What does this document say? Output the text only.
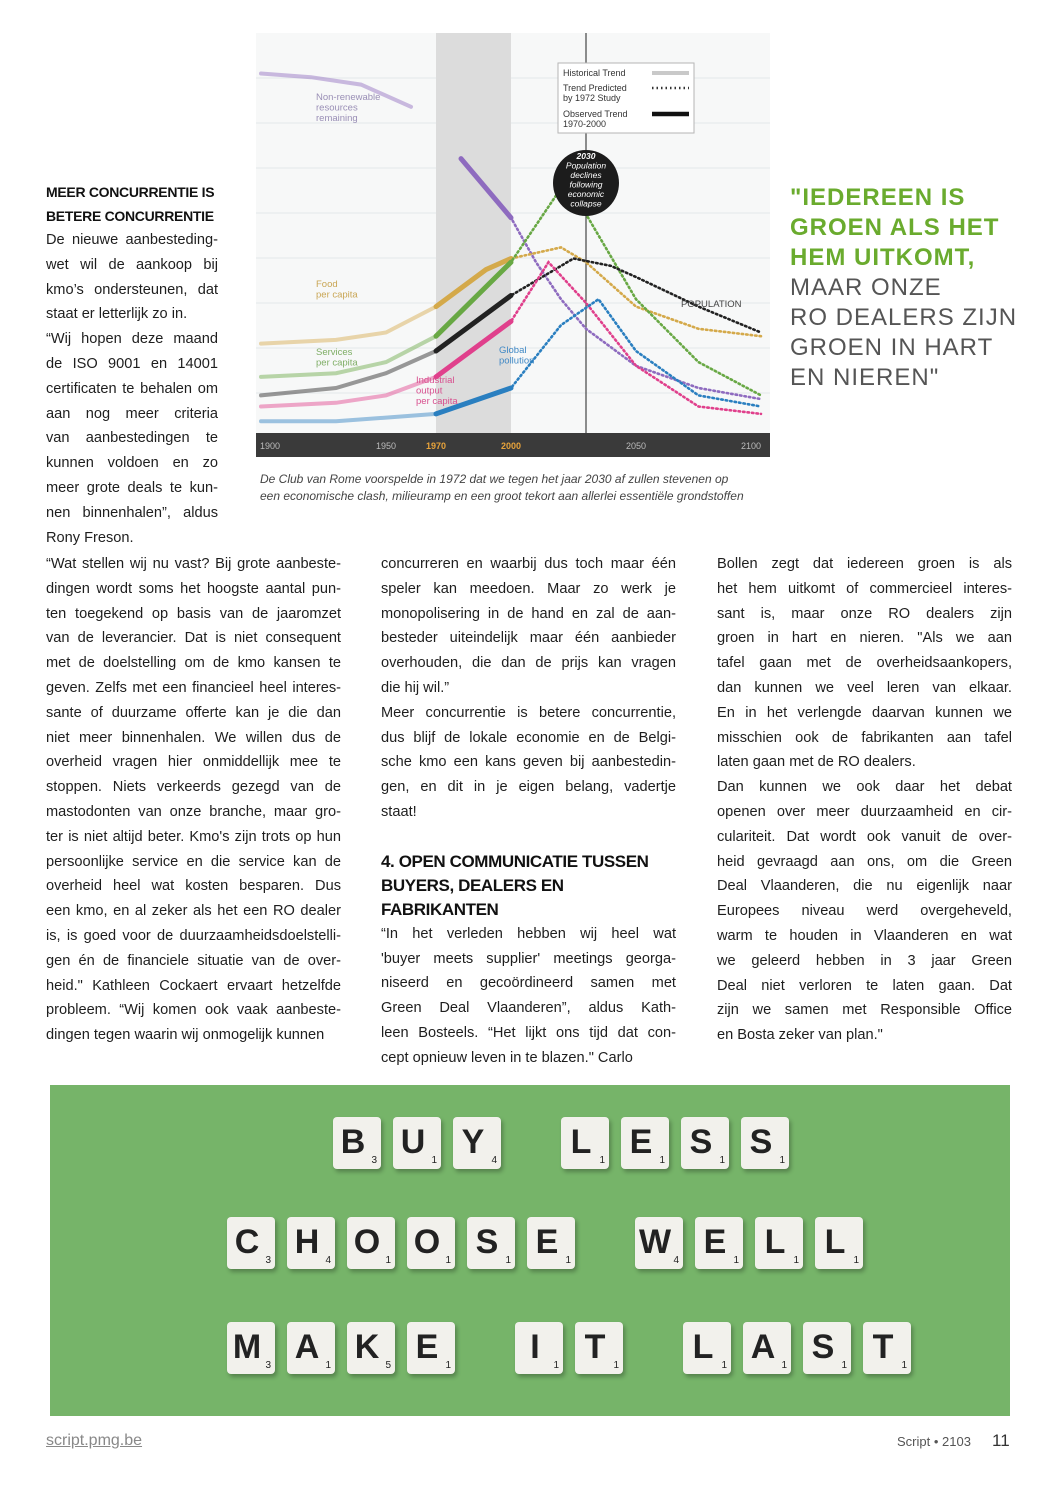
1900	1950	1970	2000	2050	2100
Non-renewable
resources
remaining
Food
per capita
Services
per capita
Industrial
output
per capita
Global
pollution
POPULATION
Historical Trend
Trend Predicted
by 1972 Study
Observed Trend
1970-2000
2030
Population
declines
following
economic
collapse
MEER CONCURRENTIE IS
BETERE CONCURRENTIE
De nieuwe aanbesteding-
wet wil de aankoop bij
kmo’s ondersteunen, dat
staat er letterlijk zo in.
“Wij hopen deze maand
de ISO 9001 en 14001
certificaten te behalen om
aan nog meer criteria
van aanbestedingen te
kunnen voldoen en zo
meer grote deals te kun-
nen binnenhalen”, aldus
Rony Freson.
"IEDEREEN IS
GROEN ALS HET
HEM UITKOMT,
MAAR ONZE
RO DEALERS ZIJN
GROEN IN HART
EN NIEREN"
De Club van Rome voorspelde in 1972 dat we tegen het jaar 2030 af zullen stevenen op
een economische clash, milieuramp en een groot tekort aan allerlei essentiële grondstoffen
“Wat stellen wij nu vast? Bij grote aanbeste-
dingen wordt soms het hoogste aantal pun-
ten toegekend op basis van de jaaromzet
van de leverancier. Dat is niet consequent
met de doelstelling om de kmo kansen te
geven. Zelfs met een financieel heel interes-
sante of duurzame offerte kan je die dan
niet meer binnenhalen. We willen dus de
overheid vragen hier onmiddellijk mee te
stoppen. Niets verkeerds gezegd van de
mastodonten van onze branche, maar gro-
ter is niet altijd beter. Kmo's zijn trots op hun
persoonlijke service en die service kan de
overheid heel wat kosten besparen. Dus
een kmo, en al zeker als het een RO dealer
is, is goed voor de duurzaamheidsdoelstelli-
gen én de financiele situatie van de over-
heid." Kathleen Cockaert ervaart hetzelfde
probleem. “Wij komen ook vaak aanbeste-
dingen tegen waarin wij onmogelijk kunnen
concurreren en waarbij dus toch maar één
speler kan meedoen. Maar zo werk je
monopolisering in de hand en zal de aan-
besteder uiteindelijk maar één aanbieder
overhouden, die dan de prijs kan vragen
die hij wil.”
Meer concurrentie is betere concurrentie,
dus blijf de lokale economie en de Belgi-
sche kmo een kans geven bij aanbestedin-
gen, en dit in je eigen belang, vadertje
staat!
4. OPEN COMMUNICATIE TUSSEN
BUYERS, DEALERS EN FABRIKANTEN
“In het verleden hebben wij heel wat
'buyer meets supplier' meetings georga-
niseerd en gecoördineerd samen met
Green Deal Vlaanderen”, aldus Kath-
leen Bosteels. “Het lijkt ons tijd dat con-
cept opnieuw leven in te blazen." Carlo
Bollen zegt dat iedereen groen is als
het hem uitkomt of commercieel interes-
sant is, maar onze RO dealers zijn
groen in hart en nieren. "Als we aan
tafel gaan met de overheidsaankopers,
dan kunnen we veel leren van elkaar.
En in het verlengde daarvan kunnen we
misschien ook de fabrikanten aan tafel
laten gaan met de RO dealers.
Dan kunnen we ook daar het debat
openen over meer duurzaamheid en cir-
culariteit. Dat wordt ook vanuit de over-
heid gevraagd aan ons, om die Green
Deal Vlaanderen, die nu eigenlijk naar
Europees niveau werd overgeheveld,
warm te houden in Vlaanderen en wat
we geleerd hebben in 3 jaar Green
Deal niet verloren te laten gaan. Dat
zijn we samen met Responsible Office
en Bosta zeker van plan."
B 3 U 1 Y 4 L 1 E 1 S 1 S 1
C 3 H 4 O 1 O 1 S 1 E 1 W 4 E 1 L 1 L 1
M 3 A 1 K 5 E 1	I	1 T 1 L 1 A 1 S 1 T 1
script.pmg.be	Script • 2103 11
